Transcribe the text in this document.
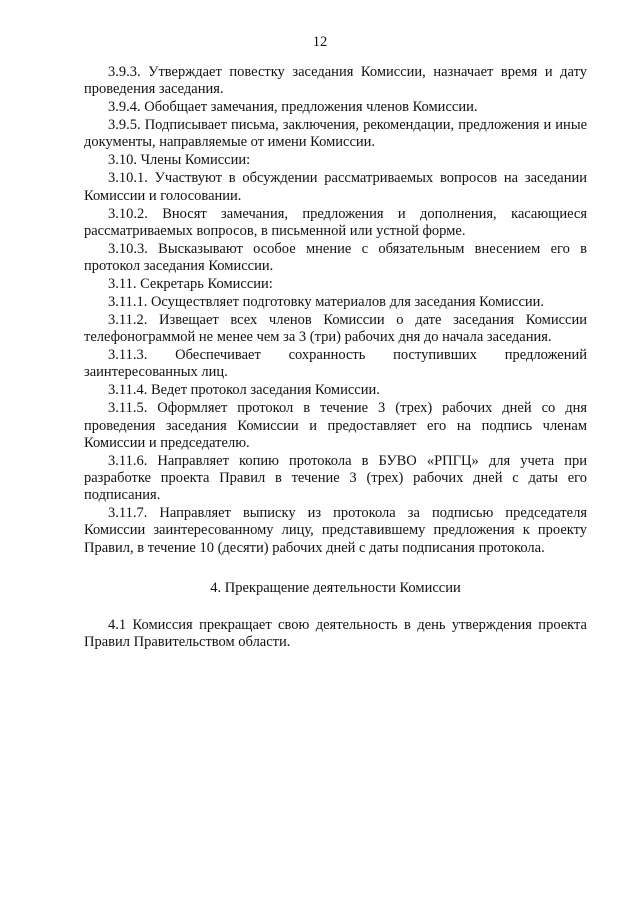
12

3.9.3. Утверждает повестку заседания Комиссии, назначает время и дату проведения заседания.

3.9.4. Обобщает замечания, предложения членов Комиссии.

3.9.5. Подписывает письма, заключения, рекомендации, предложения и иные документы, направляемые от имени Комиссии.

3.10. Члены Комиссии:

3.10.1. Участвуют в обсуждении рассматриваемых вопросов на заседании Комиссии и голосовании.

3.10.2. Вносят замечания, предложения и дополнения, касающиеся рассматриваемых вопросов, в письменной или устной форме.

3.10.3. Высказывают особое мнение с обязательным внесением его в протокол заседания Комиссии.

3.11. Секретарь Комиссии:

3.11.1. Осуществляет подготовку материалов для заседания Комиссии.

3.11.2. Извещает всех членов Комиссии о дате заседания Комиссии телефонограммой не менее чем за 3 (три) рабочих дня до начала заседания.

3.11.3. Обеспечивает сохранность поступивших предложений заинтересованных лиц.

3.11.4. Ведет протокол заседания Комиссии.

3.11.5. Оформляет протокол в течение 3 (трех) рабочих дней со дня проведения заседания Комиссии и предоставляет его на подпись членам Комиссии и председателю.

3.11.6. Направляет копию протокола в БУВО «РПГЦ» для учета при разработке проекта Правил в течение 3 (трех) рабочих дней с даты его подписания.

3.11.7. Направляет выписку из протокола за подписью председателя Комиссии заинтересованному лицу, представившему предложения к проекту Правил, в течение 10 (десяти) рабочих дней с даты подписания протокола.

4. Прекращение деятельности Комиссии

4.1 Комиссия прекращает свою деятельность в день утверждения проекта Правил Правительством области.
